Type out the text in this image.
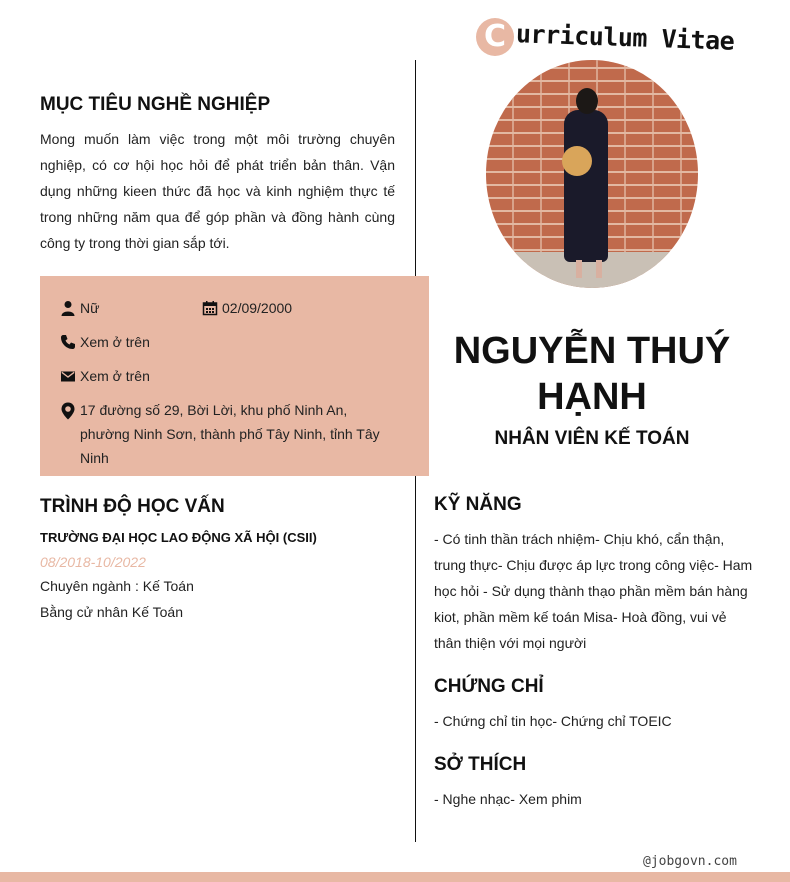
C urriculum Vitae
NGUYỄN THUÝ
HẠNH
NHÂN VIÊN KẾ TOÁN
MỤC TIÊU NGHỀ NGHIỆP
Mong muốn làm việc trong một môi trường chuyên nghiệp, có cơ hội học hỏi để phát triển bản thân. Vận dụng những kieen thức đã học và kinh nghiệm thực tế trong những năm qua để góp phần và đồng hành cùng công ty trong thời gian sắp tới.
Nữ	02/09/2000
Xem ở trên
Xem ở trên
17 đường số 29, Bời Lời, khu phố Ninh An, phường Ninh Sơn, thành phố Tây Ninh, tỉnh Tây Ninh
TRÌNH ĐỘ HỌC VẤN
TRƯỜNG ĐẠI HỌC LAO ĐỘNG XÃ HỘI (CSII)
08/2018-10/2022
Chuyên ngành : Kế Toán
Bằng cử nhân Kế Toán
KỸ NĂNG
- Có tinh thần trách nhiệm- Chịu khó, cẩn thận, trung thực- Chịu được áp lực trong công việc- Ham học hỏi - Sử dụng thành thạo phần mềm bán hàng kiot, phần mềm kế toán Misa- Hoà đồng, vui vẻ thân thiện với mọi người
CHỨNG CHỈ
- Chứng chỉ tin học- Chứng chỉ TOEIC
SỞ THÍCH
- Nghe nhạc- Xem phim
@jobgovn.com
